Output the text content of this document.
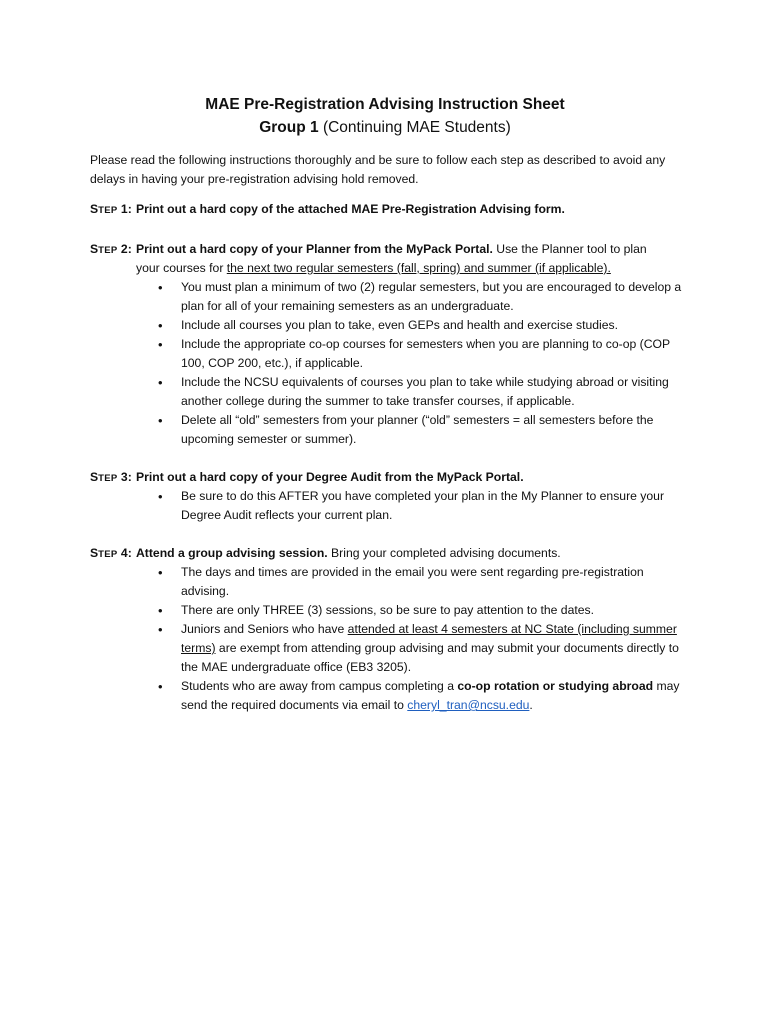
MAE Pre-Registration Advising Instruction Sheet
Group 1 (Continuing MAE Students)
Please read the following instructions thoroughly and be sure to follow each step as described to avoid any delays in having your pre-registration advising hold removed.
STEP 1: Print out a hard copy of the attached MAE Pre-Registration Advising form.
STEP 2: Print out a hard copy of your Planner from the MyPack Portal. Use the Planner tool to plan
your courses for the next two regular semesters (fall, spring) and summer (if applicable).
• You must plan a minimum of two (2) regular semesters, but you are encouraged to develop a plan for all of your remaining semesters as an undergraduate.
• Include all courses you plan to take, even GEPs and health and exercise studies.
• Include the appropriate co-op courses for semesters when you are planning to co-op (COP 100, COP 200, etc.), if applicable.
• Include the NCSU equivalents of courses you plan to take while studying abroad or visiting another college during the summer to take transfer courses, if applicable.
• Delete all “old” semesters from your planner (“old” semesters = all semesters before the upcoming semester or summer).
STEP 3: Print out a hard copy of your Degree Audit from the MyPack Portal.
• Be sure to do this AFTER you have completed your plan in the My Planner to ensure your Degree Audit reflects your current plan.
STEP 4: Attend a group advising session. Bring your completed advising documents.
• The days and times are provided in the email you were sent regarding pre-registration advising.
• There are only THREE (3) sessions, so be sure to pay attention to the dates.
• Juniors and Seniors who have attended at least 4 semesters at NC State (including summer terms) are exempt from attending group advising and may submit your documents directly to the MAE undergraduate office (EB3 3205).
• Students who are away from campus completing a co-op rotation or studying abroad may send the required documents via email to cheryl_tran@ncsu.edu.
